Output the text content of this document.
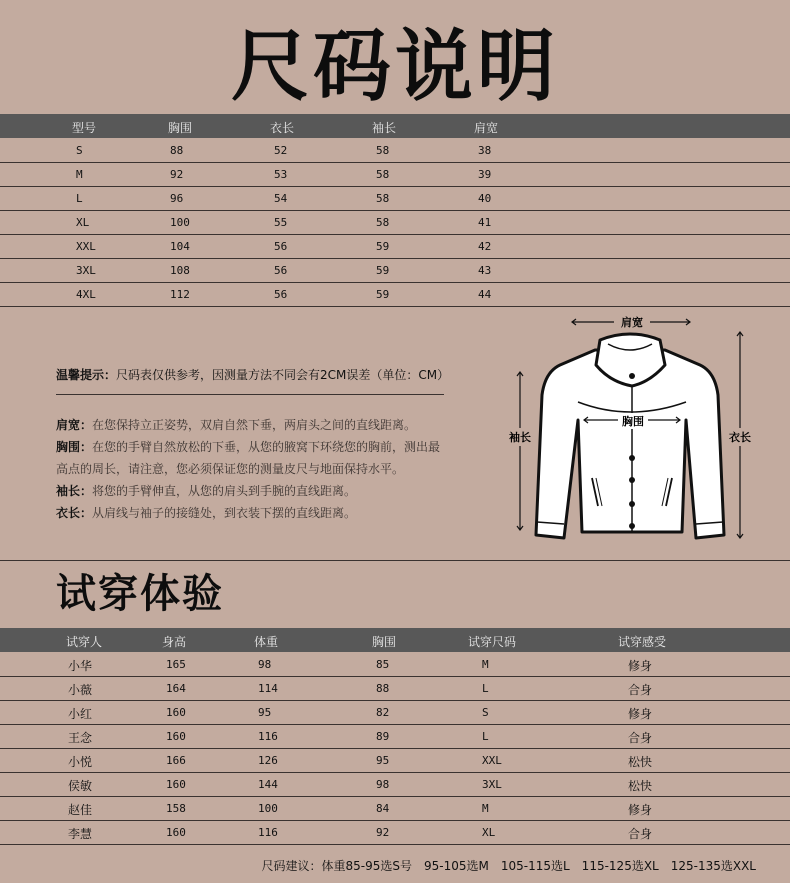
尺码说明
型号	胸围	衣长	袖长	肩宽
S	88	52	58	38
M	92	53	58	39
L	96	54	58	40
XL	100	55	58	41
XXL	104	56	59	42
3XL	108	56	59	43
4XL	112	56	59	44
温馨提示：尺码表仅供参考，因测量方法不同会有2CM误差（单位：CM）
肩宽：在您保持立正姿势，双肩自然下垂，两肩头之间的直线距离。
胸围：在您的手臂自然放松的下垂，从您的腋窝下环绕您的胸前，测出最
高点的周长，请注意，您必须保证您的测量皮尺与地面保持水平。
袖长：将您的手臂伸直，从您的肩头到手腕的直线距离。
衣长：从肩线与袖子的接缝处，到衣装下摆的直线距离。
肩宽
袖长	衣长
胸围
试穿体验
试穿人	身高	体重	胸围	试穿尺码	试穿感受
小华	165	98	85	M	修身
小薇	164	114	88	L	合身
小红	160	95	82	S	修身
王念	160	116	89	L	合身
小悦	166	126	95	XXL	松快
侯敏	160	144	98	3XL	松快
赵佳	158	100	84	M	修身
李慧	160	116	92	XL	合身
尺码建议：体重85-95选S号　95-105选M　105-115选L　115-125选XL　125-135选XXL
